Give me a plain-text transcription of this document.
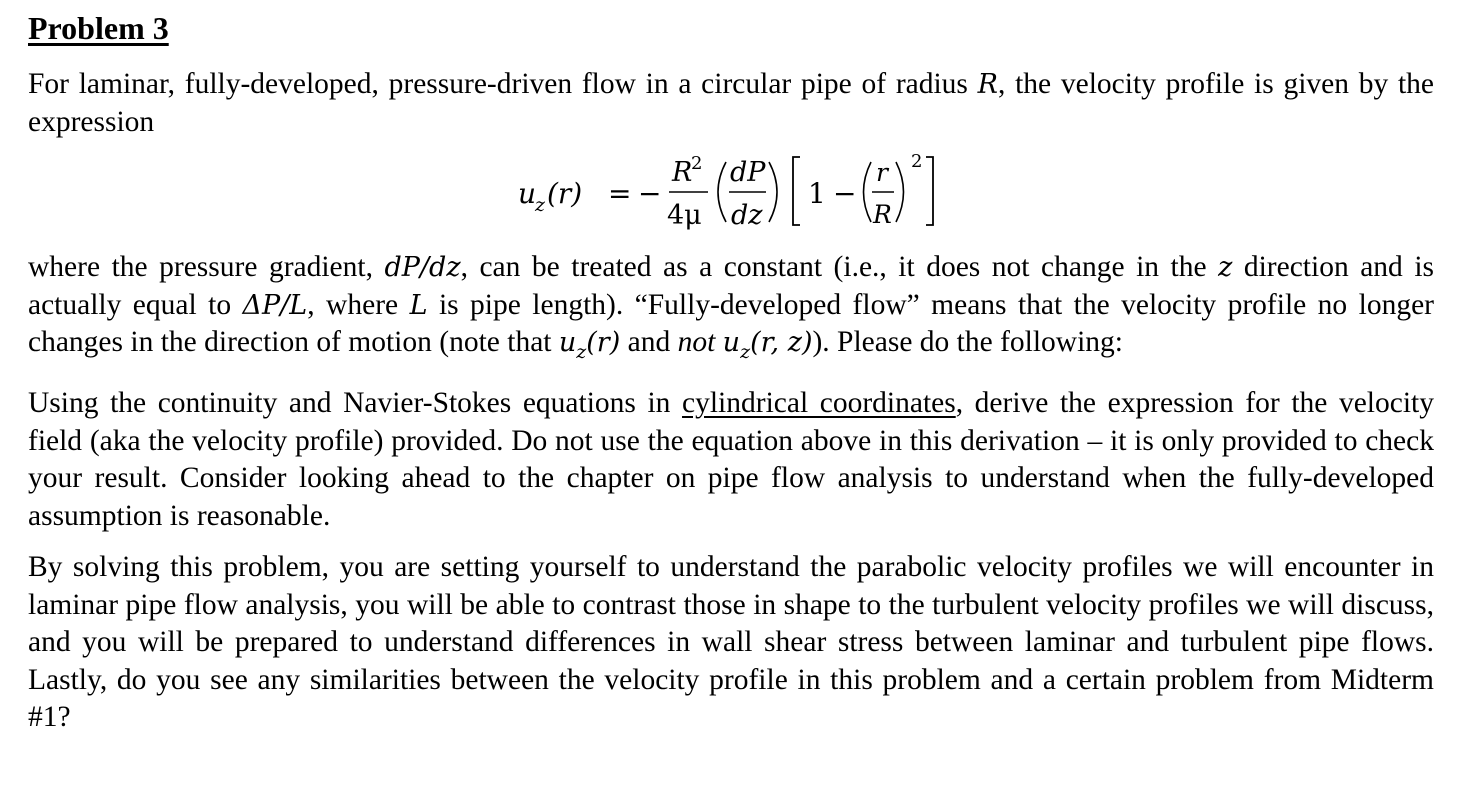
Problem 3

For laminar, fully-developed, pressure-driven flow in a circular pipe of radius R, the velocity profile is given by the expression

u
z (r) = −
R
2
4μ
dP
dz
1 −
r
R
2

where the pressure gradient, dP/dz, can be treated as a constant (i.e., it does not change in the z direction and is actually equal to ΔP/L, where L is pipe length). “Fully-developed flow” means that the velocity profile no longer changes in the direction of motion (note that $u_z(r)$ and not $u_z(r$, z)). Please do the following:

Using the continuity and Navier-Stokes equations in cylindrical coordinates, derive the expression for the velocity field (aka the velocity profile) provided. Do not use the equation above in this derivation – it is only provided to check your result. Consider looking ahead to the chapter on pipe flow analysis to understand when the fully-developed assumption is reasonable.

By solving this problem, you are setting yourself to understand the parabolic velocity profiles we will encounter in laminar pipe flow analysis, you will be able to contrast those in shape to the turbulent velocity profiles we will discuss, and you will be prepared to understand differences in wall shear stress between laminar and turbulent pipe flows. Lastly, do you see any similarities between the velocity profile in this problem and a certain problem from Midterm #1?
